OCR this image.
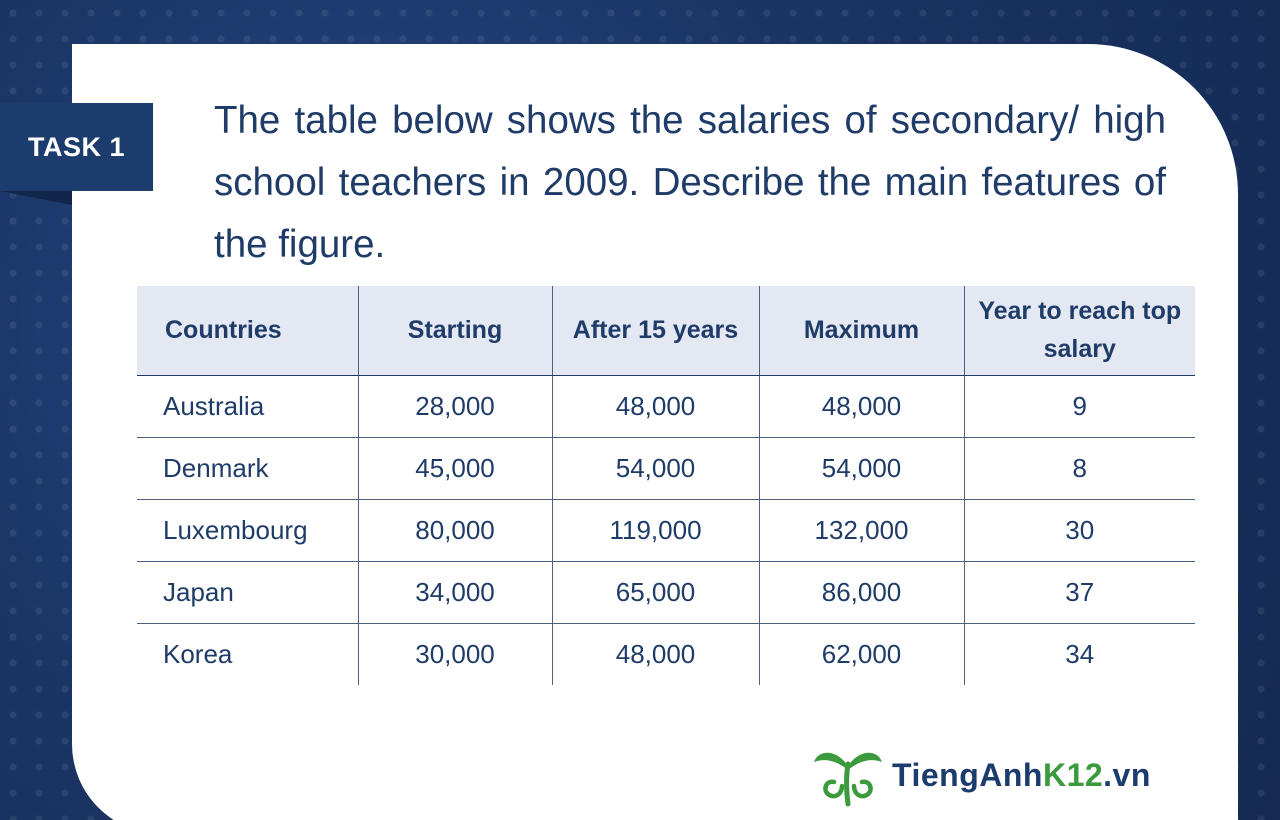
TASK 1

The table below shows the salaries of secondary/ high school teachers in 2009. Describe the main features of the figure.

Countries	Starting	After 15 years	Maximum	Year to reach top salary
Australia	28,000	48,000	48,000	9
Denmark	45,000	54,000	54,000	8
Luxembourg	80,000	119,000	132,000	30
Japan	34,000	65,000	86,000	37
Korea	30,000	48,000	62,000	34
TiengAnhK12.vn
